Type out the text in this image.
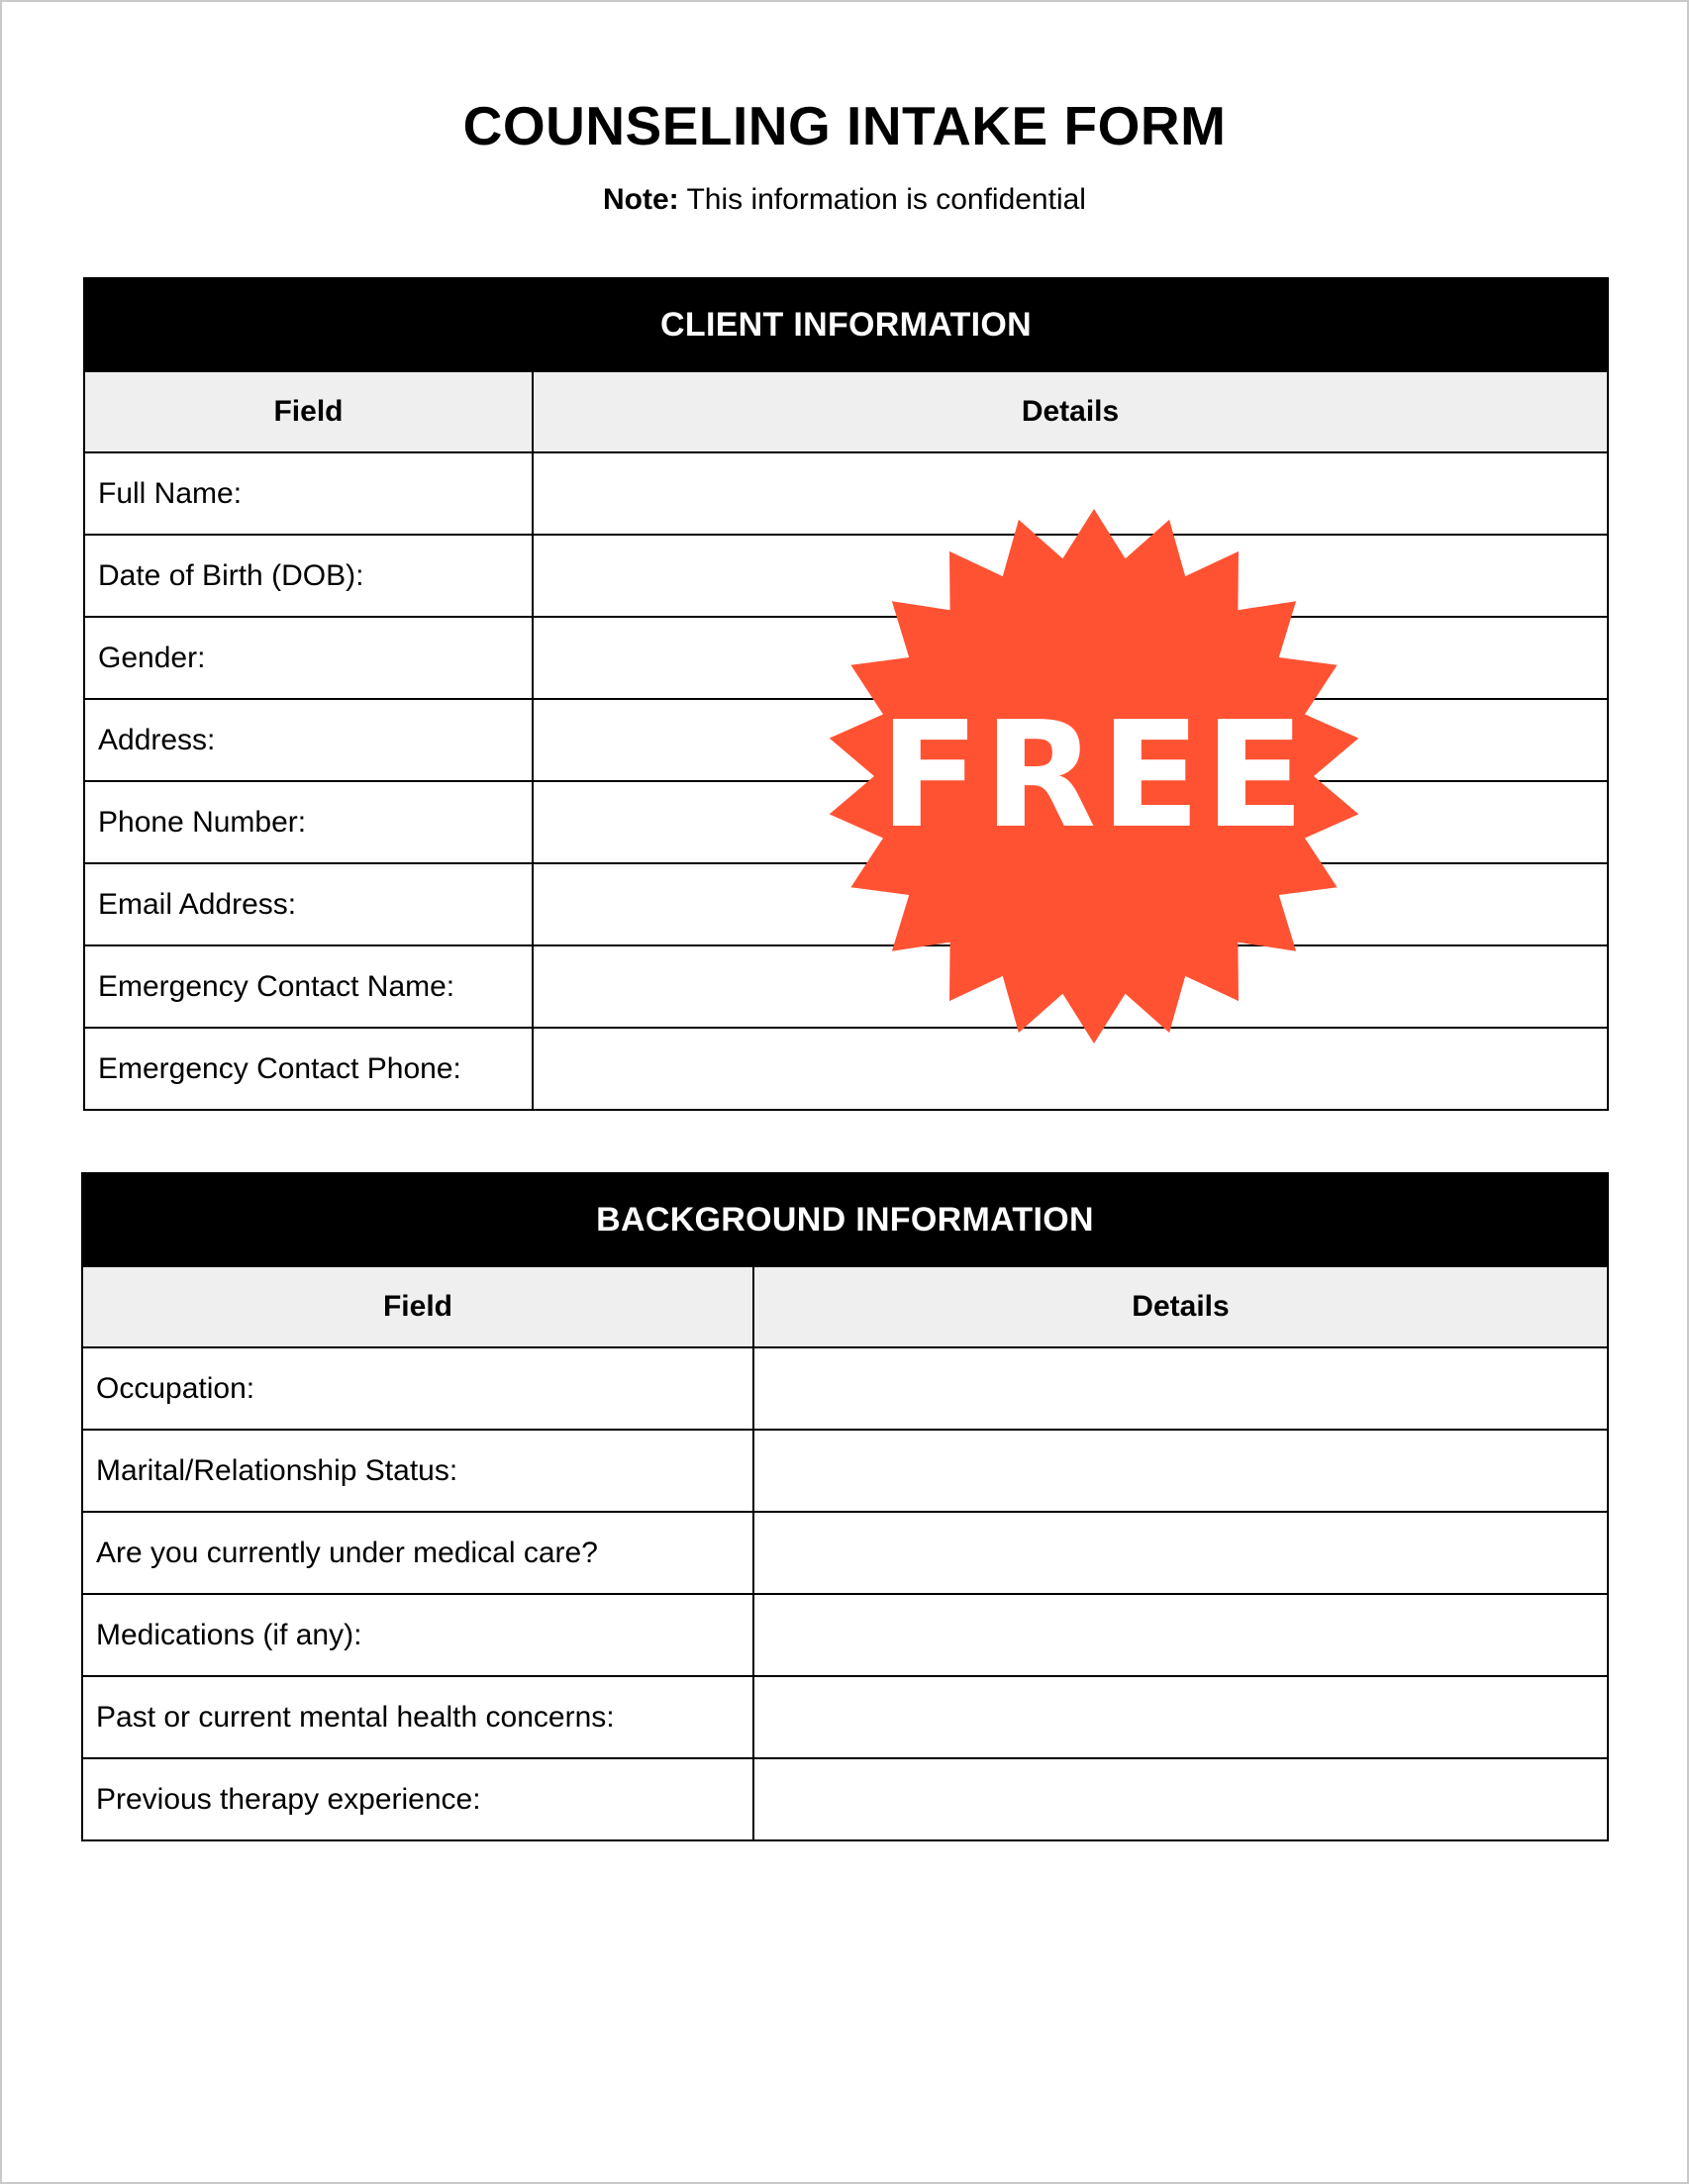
COUNSELING INTAKE FORM
Note: This information is confidential
CLIENT INFORMATION	
Field	Details
Full Name:	
Date of Birth (DOB):	
Gender:	
Address:	
Phone Number:	
Email Address:	
Emergency Contact Name:	
Emergency Contact Phone:	
BACKGROUND INFORMATION	
Field	Details
Occupation:	
Marital/Relationship Status:	
Are you currently under medical care?	
Medications (if any):	
Past or current mental health concerns:	
Previous therapy experience:	
FREE
